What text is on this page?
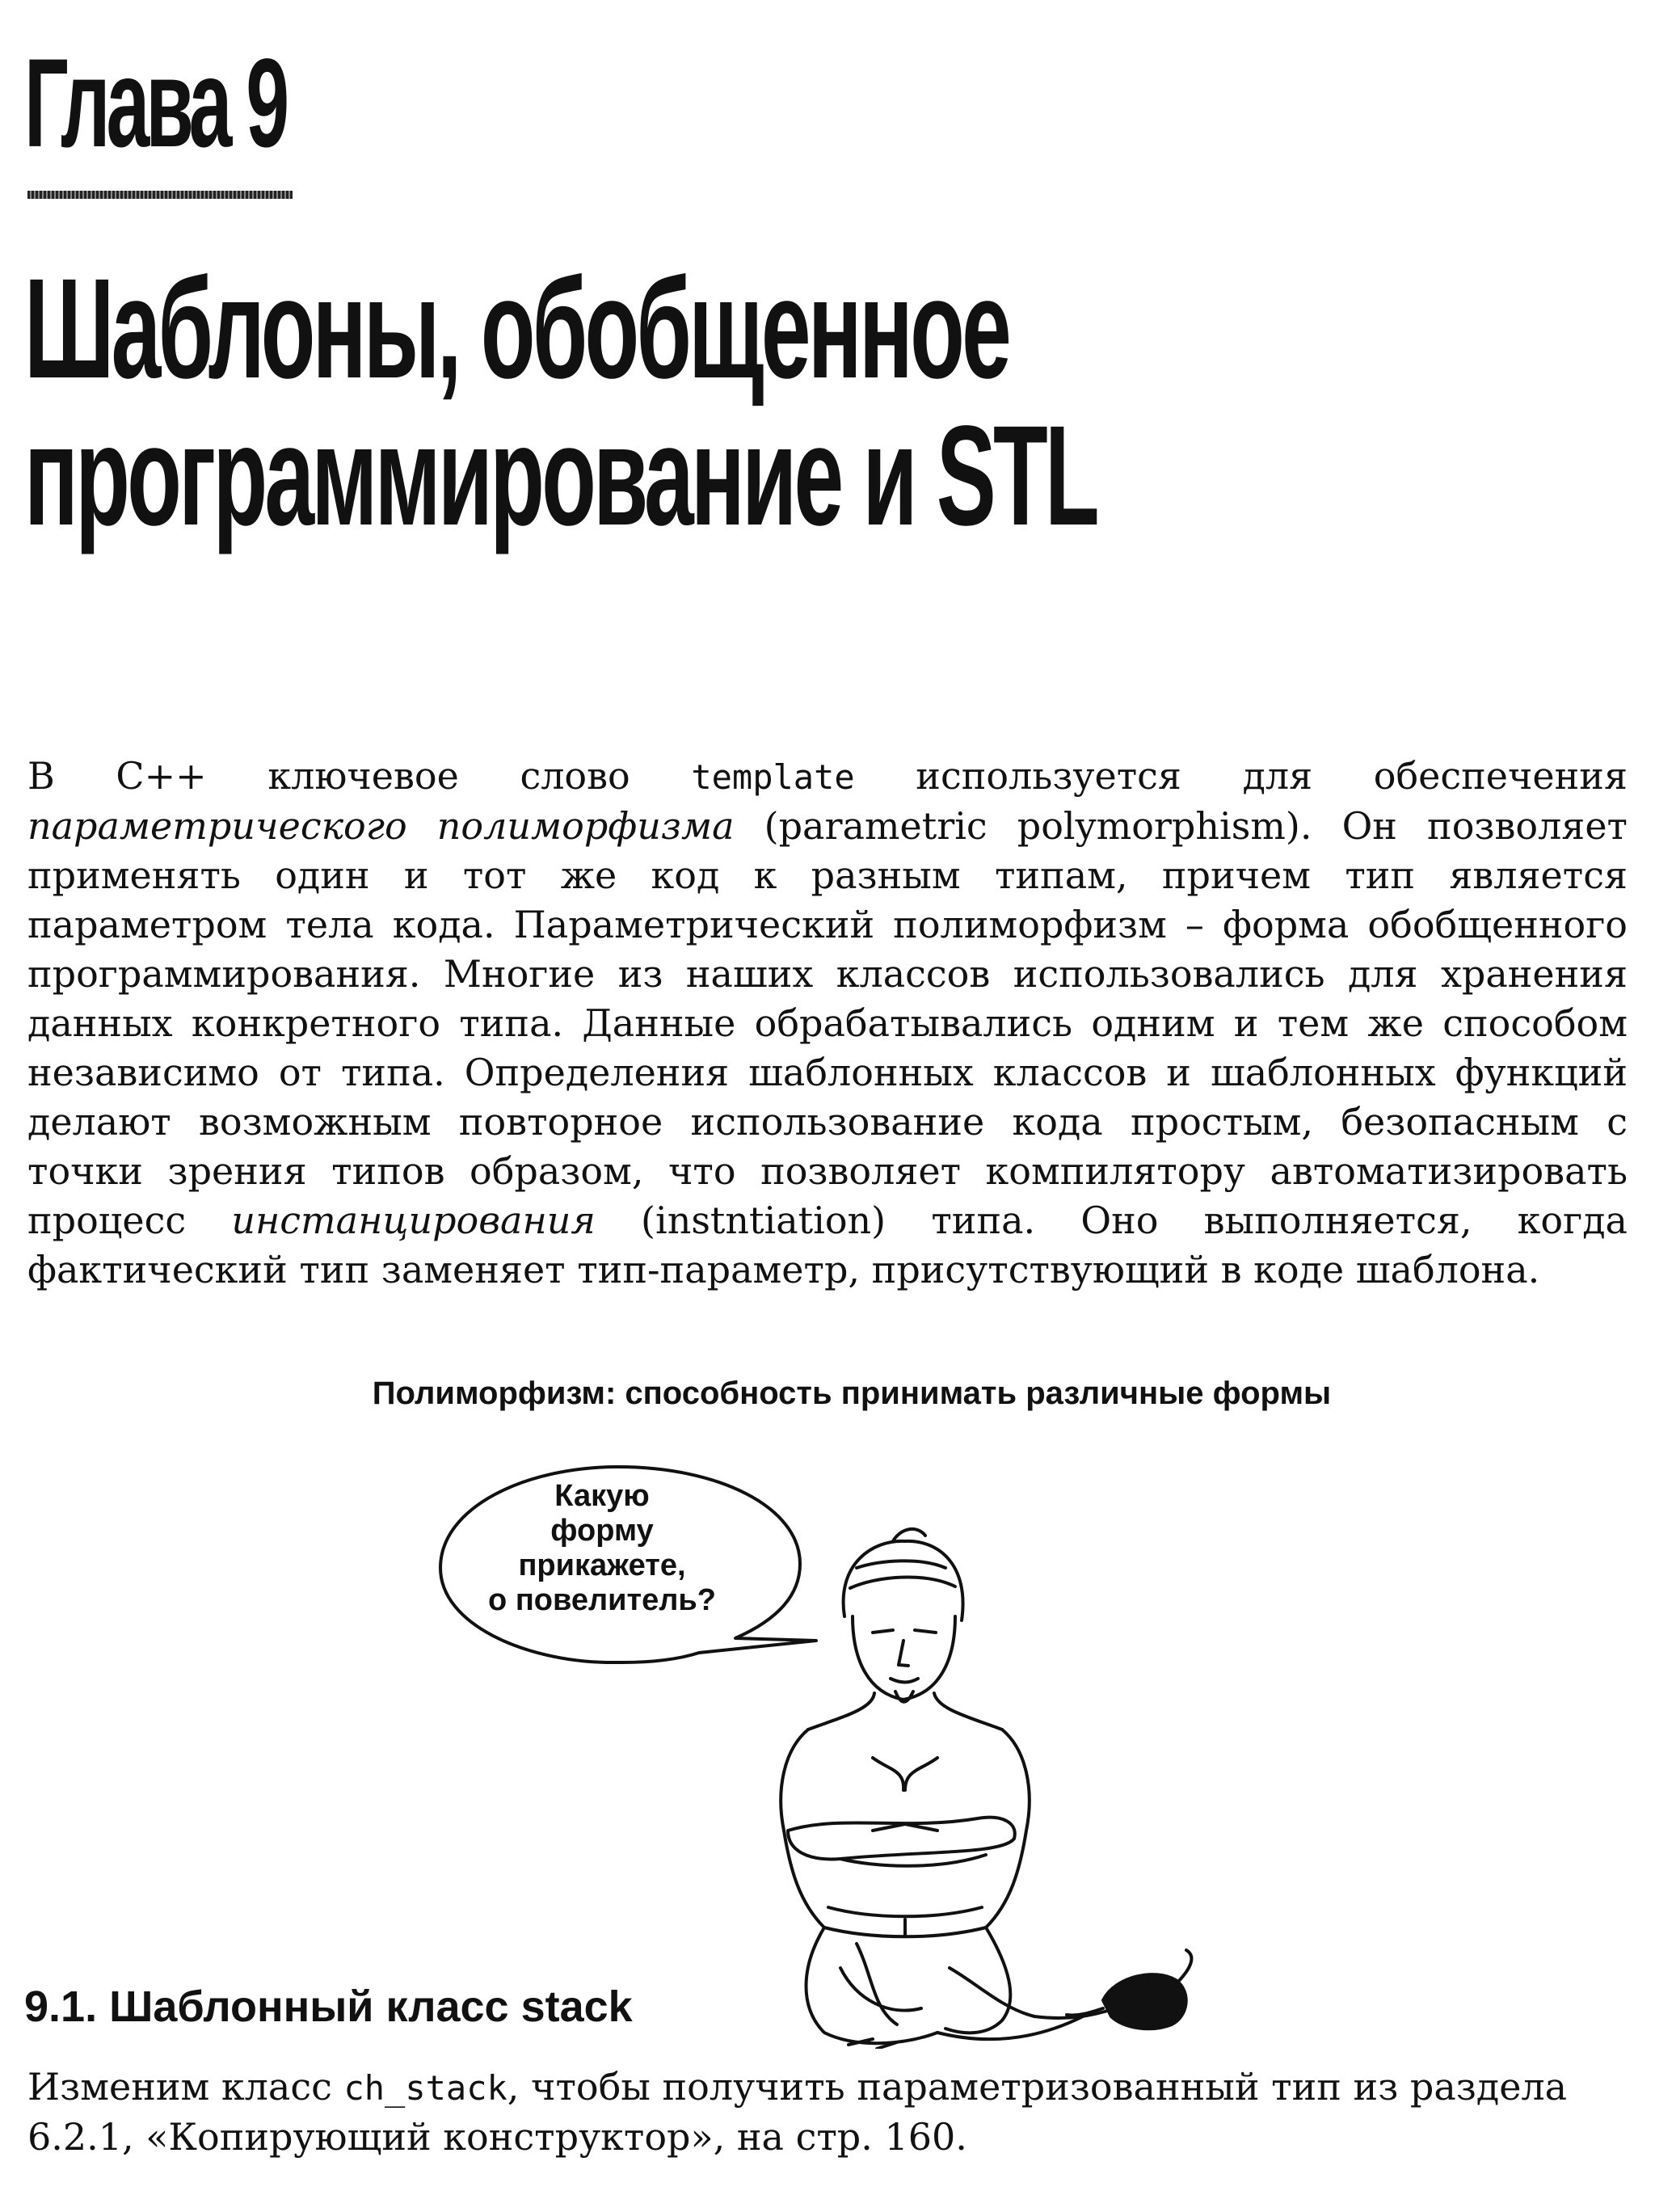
Глава 9
Шаблоны, обобщенное
программирование и STL

В C++ ключевое слово template используется для обеспечения параметрического полиморфизма (parametric polymorphism). Он позволяет применять один и тот же код к разным типам, причем тип является параметром тела кода. Параметрический полиморфизм – форма обобщенного программирования. Многие из наших классов использовались для хранения данных конкретного типа. Данные обрабатывались одним и тем же способом независимо от типа. Определения шаблонных классов и шаблонных функций делают возможным повторное использование кода простым, безопасным с точки зрения типов образом, что позволяет компилятору автоматизировать процесс инстанцирования (instntiation) типа. Оно выполняется, когда фактический тип заменяет тип-параметр, присутствующий в коде шаблона.

Полиморфизм: способность принимать различные формы
Какую
форму
прикажете,
о повелитель?
9.1. Шаблонный класс stack

Изменим класс ch_stack, чтобы получить параметризованный тип из раздела 6.2.1, «Копирующий конструктор», на стр. 160.
